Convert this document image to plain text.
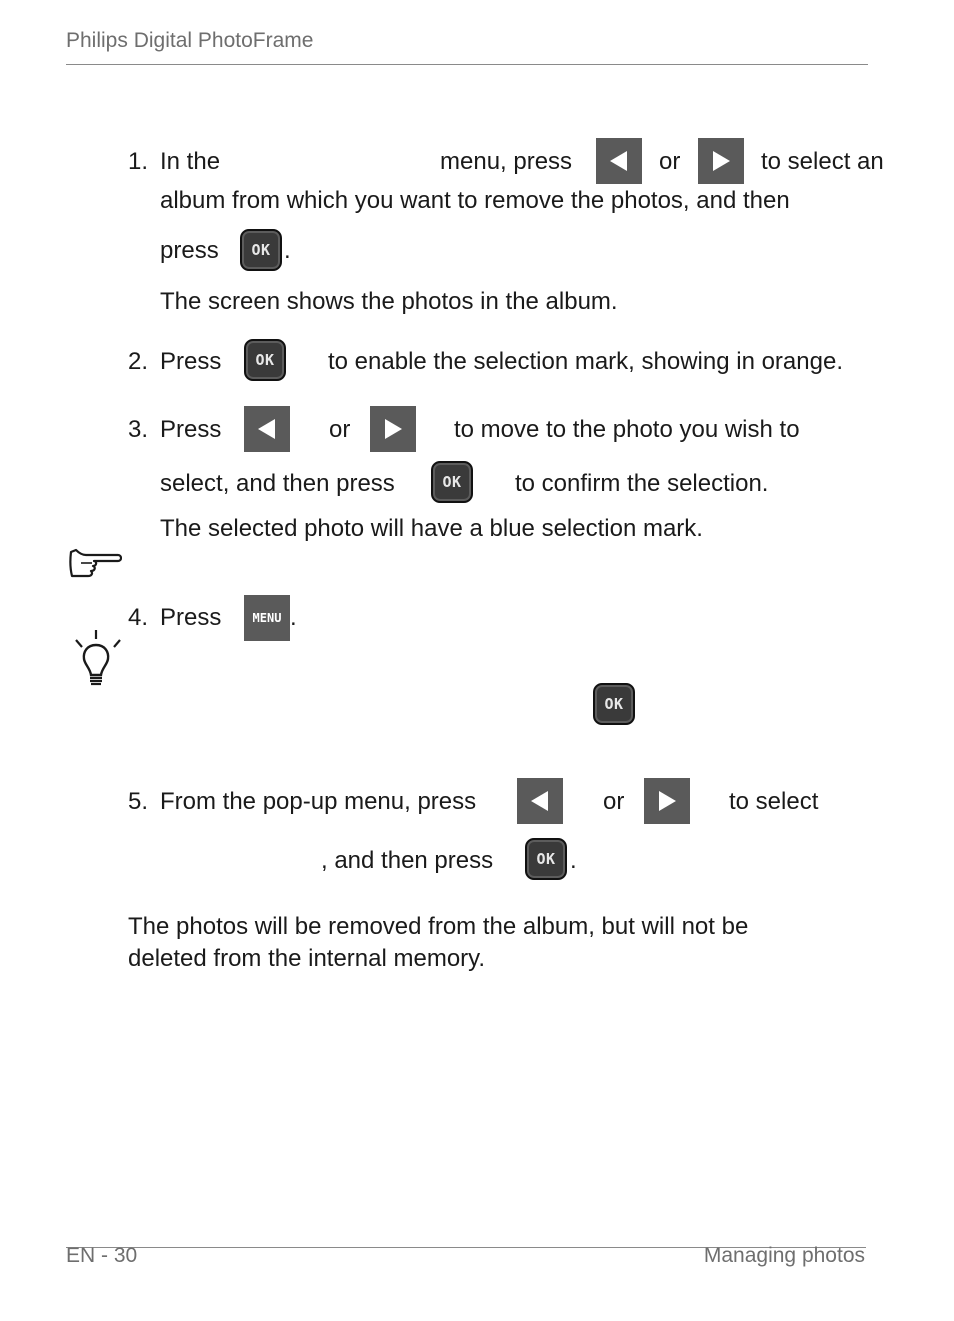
Philips Digital PhotoFrame
1. In the	menu, press	or	to select an
album from which you want to remove the photos, and then
press	OK .
The screen shows the photos in the album.
2. Press	OK	to enable the selection mark, showing in orange.
3. Press	or	to move to the photo you wish to
select, and then press	OK	to confirm the selection.
The selected photo will have a blue selection mark.
4. Press	MENU .
OK
5. From the pop-up menu, press	or	to select
, and then press	OK .
The photos will be removed from the album, but will not be
deleted from the internal memory.
EN - 30	Managing photos
